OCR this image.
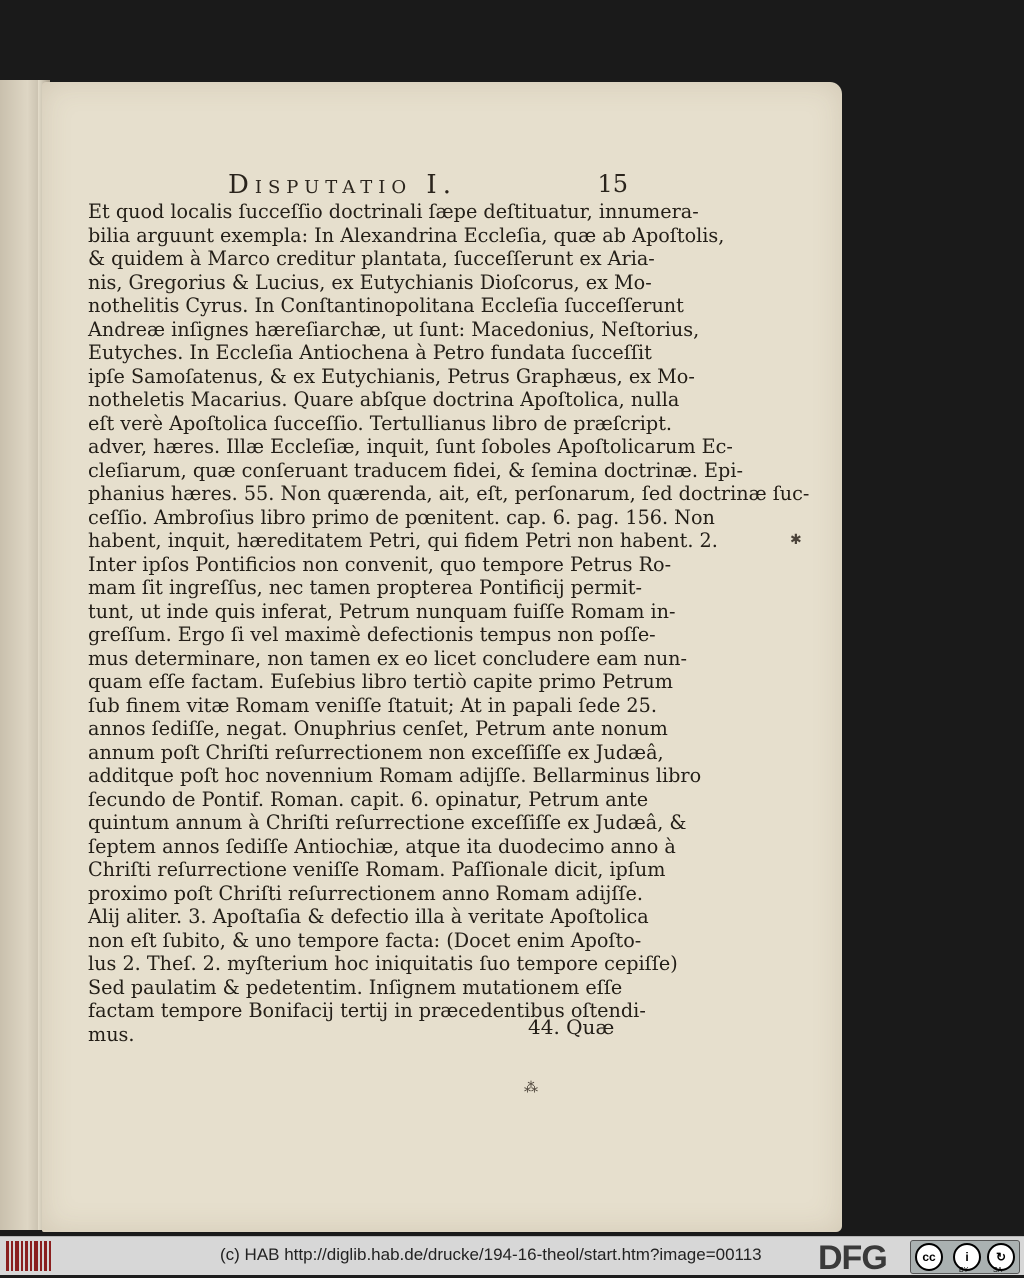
Disputatio I.	15
Et quod localis ſucceſſio doctrinali ſæpe deſtituatur, innumera-
bilia arguunt exempla: In Alexandrina Eccleſia, quæ ab Apoſtolis,
& quidem à Marco creditur plantata, ſucceſſerunt ex Aria-
nis, Gregorius & Lucius, ex Eutychianis Dioſcorus, ex Mo-
nothelitis Cyrus. In Conſtantinopolitana Eccleſia ſucceſſerunt
Andreæ inſignes hæreſiarchæ, ut ſunt: Macedonius, Neſtorius,
Eutyches. In Eccleſia Antiochena à Petro fundata ſucceſſit
ipſe Samoſatenus, & ex Eutychianis, Petrus Graphæus, ex Mo-
notheletis Macarius. Quare abſque doctrina Apoſtolica, nulla
eſt verè Apoſtolica ſucceſſio. Tertullianus libro de præſcript.
adver, hæres. Illæ Eccleſiæ, inquit, ſunt ſoboles Apoſtolicarum Ec-
cleſiarum, quæ conſeruant traducem fidei, & ſemina doctrinæ. Epi-
phanius hæres. 55. Non quærenda, ait, eſt, perſonarum, ſed doctrinæ ſuc-
ceſſio. Ambroſius libro primo de pœnitent. cap. 6. pag. 156. Non
habent, inquit, hæreditatem Petri, qui fidem Petri non habent. 2.
Inter ipſos Pontificios non convenit, quo tempore Petrus Ro-
mam ſit ingreſſus, nec tamen propterea Pontificij permit-
tunt, ut inde quis inferat, Petrum nunquam fuiſſe Romam in-
greſſum. Ergo ſi vel maximè defectionis tempus non poſſe-
mus determinare, non tamen ex eo licet concludere eam nun-
quam eſſe factam. Euſebius libro tertiò capite primo Petrum
ſub finem vitæ Romam veniſſe ſtatuit; At in papali ſede 25.
annos ſediſſe, negat. Onuphrius cenſet, Petrum ante nonum
annum poſt Chriſti reſurrectionem non exceſſiſſe ex Judæâ,
additque poſt hoc novennium Romam adijſſe. Bellarminus libro
ſecundo de Pontif. Roman. capit. 6. opinatur, Petrum ante
quintum annum à Chriſti reſurrectione exceſſiſſe ex Judæâ, &
ſeptem annos ſediſſe Antiochiæ, atque ita duodecimo anno à
Chriſti reſurrectione veniſſe Romam. Paſſionale dicit, ipſum
proximo poſt Chriſti reſurrectionem anno Romam adijſſe.
Alij aliter. 3. Apoſtaſia & defectio illa à veritate Apoſtolica
non eſt ſubito, & uno tempore facta: (Docet enim Apoſto-
lus 2. Theſ. 2. myſterium hoc iniquitatis ſuo tempore cepiſſe)
Sed paulatim & pedetentim. Inſignem mutationem eſſe
factam tempore Bonifacij tertij in præcedentibus oſtendi-
mus.	44. Quæ
✱
⁂
(c) HAB http://diglib.hab.de/drucke/194-16-theol/start.htm?image=00113 DFG	cc	i	↻
BY	SA
